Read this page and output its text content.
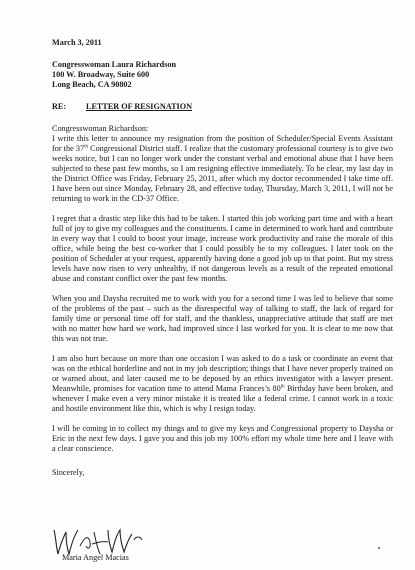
March 3, 2011
Congresswoman Laura Richardson
100 W. Broadway, Suite 600
Long Beach, CA 90802
RE: LETTER OF RESIGNATION
Congresswoman Richardson:

I write this letter to announce my resignation from the position of Scheduler/Special Events Assistant for the 37th Congressional District staff. I realize that the customary professional courtesy is to give two weeks notice, but I can no longer work under the constant verbal and emotional abuse that I have been subjected to these past few months, so I am resigning effective immediately. To be clear, my last day in the District Office was Friday, February 25, 2011, after which my doctor recommended I take time off. I have been out since Monday, February 28, and effective today, Thursday, March 3, 2011, I will not be returning to work in the CD-37 Office.

I regret that a drastic step like this had to be taken. I started this job working part time and with a heart full of joy to give my colleagues and the constituents. I came in determined to work hard and contribute in every way that I could to boost your image, increase work productivity and raise the morale of this office, while being the best co-worker that I could possibly be to my colleagues. I later took on the position of Scheduler at your request, apparently having done a good job up to that point. But my stress levels have now risen to very unhealthy, if not dangerous levels as a result of the repeated emotional abuse and constant conflict over the past few months.

When you and Daysha recruited me to work with you for a second time I was led to believe that some of the problems of the past – such as the disrespectful way of talking to staff, the lack of regard for family time or personal time off for staff, and the thankless, unappreciative attitude that staff are met with no matter how hard we work, had improved since I last worked for you. It is clear to me now that this was not true.

I am also hurt because on more than one occasion I was asked to do a task or coordinate an event that was on the ethical borderline and not in my job description; things that I have never properly trained on or warned about, and later caused me to be deposed by an ethics investigator with a lawyer present. Meanwhile, promises for vacation time to attend Mama Frances’s 80th Birthday have been broken, and whenever I make even a very minor mistake it is treated like a federal crime. I cannot work in a toxic and hostile environment like this, which is why I resign today.

I will be coming in to collect my things and to give my keys and Congressional property to Daysha or Eric in the next few days. I gave you and this job my 100% effort my whole time here and I leave with a clear conscience.

Sincerely,
Maria Angel Macias
